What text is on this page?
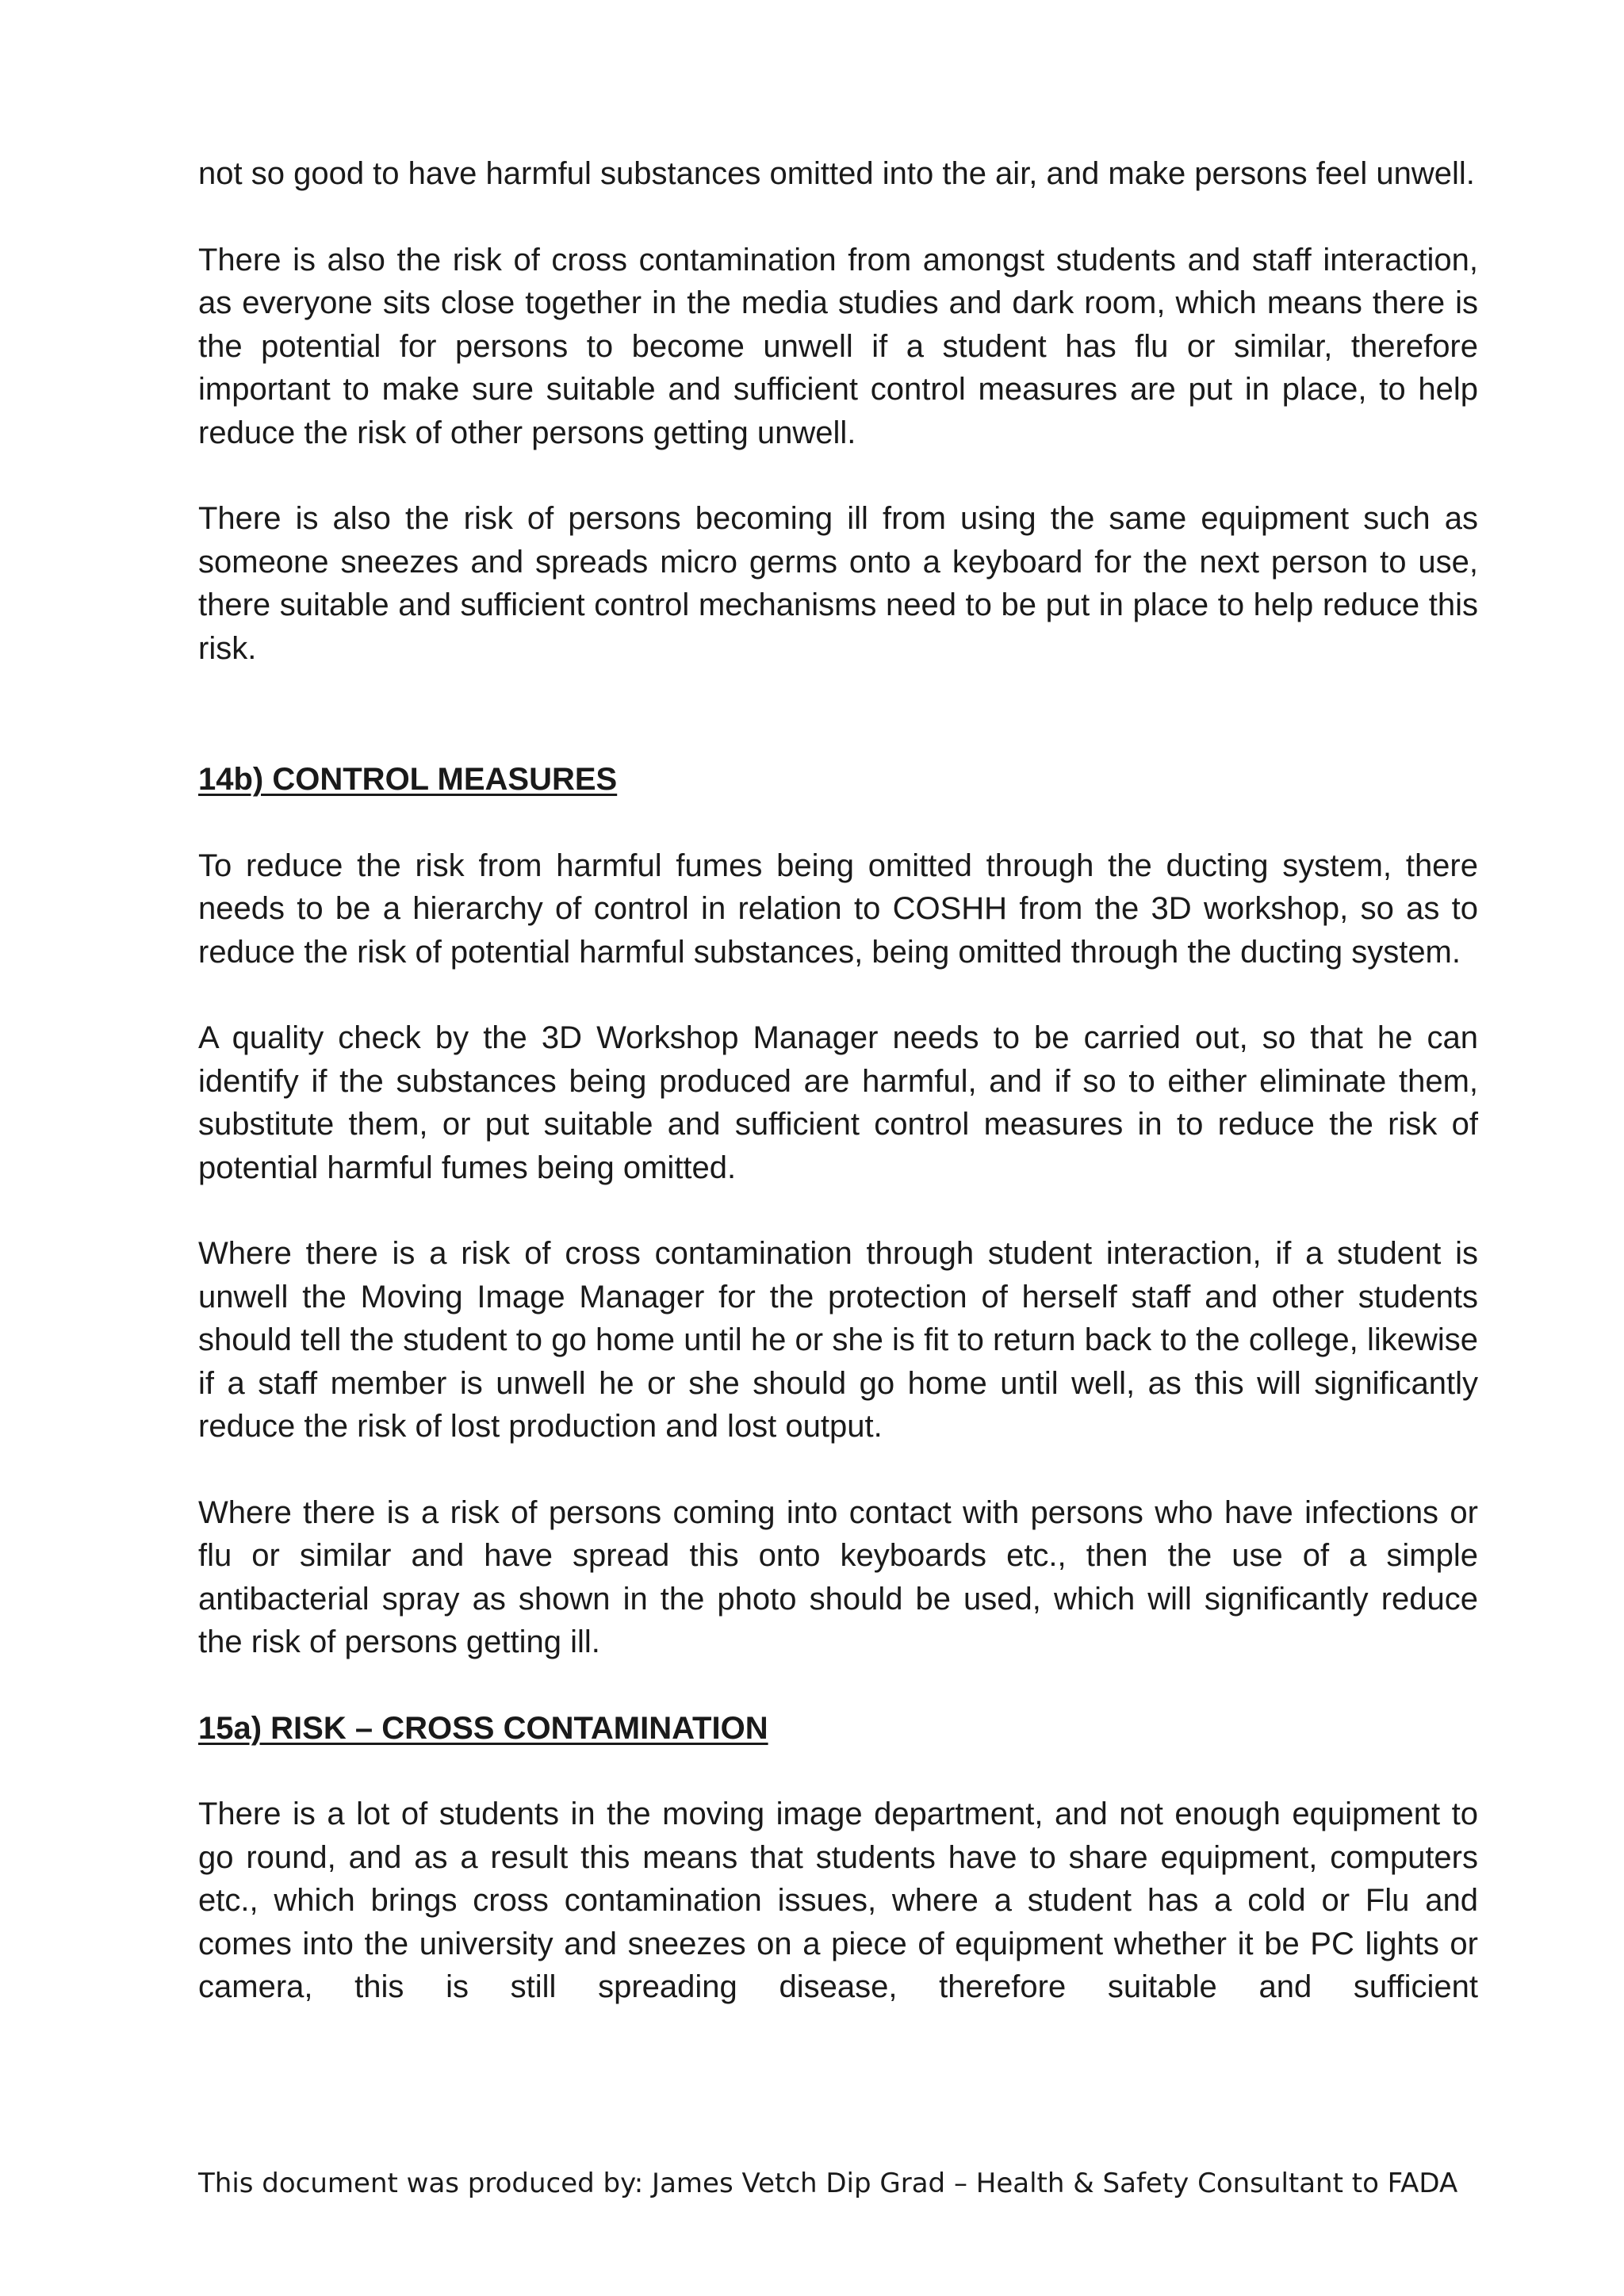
not so good to have harmful substances omitted into the air, and make persons feel unwell.

There is also the risk of cross contamination from amongst students and staff interaction, as everyone sits close together in the media studies and dark room, which means there is the potential for persons to become unwell if a student has flu or similar, therefore important to make sure suitable and sufficient control measures are put in place, to help reduce the risk of other persons getting unwell.

There is also the risk of persons becoming ill from using the same equipment such as someone sneezes and spreads micro germs onto a keyboard for the next person to use, there suitable and sufficient control mechanisms need to be put in place to help reduce this risk.

14b) CONTROL MEASURES

To reduce the risk from harmful fumes being omitted through the ducting system, there needs to be a hierarchy of control in relation to COSHH from the 3D workshop, so as to reduce the risk of potential harmful substances, being omitted through the ducting system.

A quality check by the 3D Workshop Manager needs to be carried out, so that he can identify if the substances being produced are harmful, and if so to either eliminate them, substitute them, or put suitable and sufficient control measures in to reduce the risk of potential harmful fumes being omitted.

Where there is a risk of cross contamination through student interaction, if a student is unwell the Moving Image Manager for the protection of herself staff and other students should tell the student to go home until he or she is fit to return back to the college, likewise if a staff member is unwell he or she should go home until well, as this will significantly reduce the risk of lost production and lost output.

Where there is a risk of persons coming into contact with persons who have infections or flu or similar and have spread this onto keyboards etc., then the use of a simple antibacterial spray as shown in the photo should be used, which will significantly reduce the risk of persons getting ill.

15a) RISK – CROSS CONTAMINATION

There is a lot of students in the moving image department, and not enough equipment to go round, and as a result this means that students have to share equipment, computers etc., which brings cross contamination issues, where a student has a cold or Flu and comes into the university and sneezes on a piece of equipment whether it be PC lights or camera, this is still spreading disease, therefore suitable and sufficient

This document was produced by: James Vetch Dip Grad – Health & Safety Consultant to FADA
